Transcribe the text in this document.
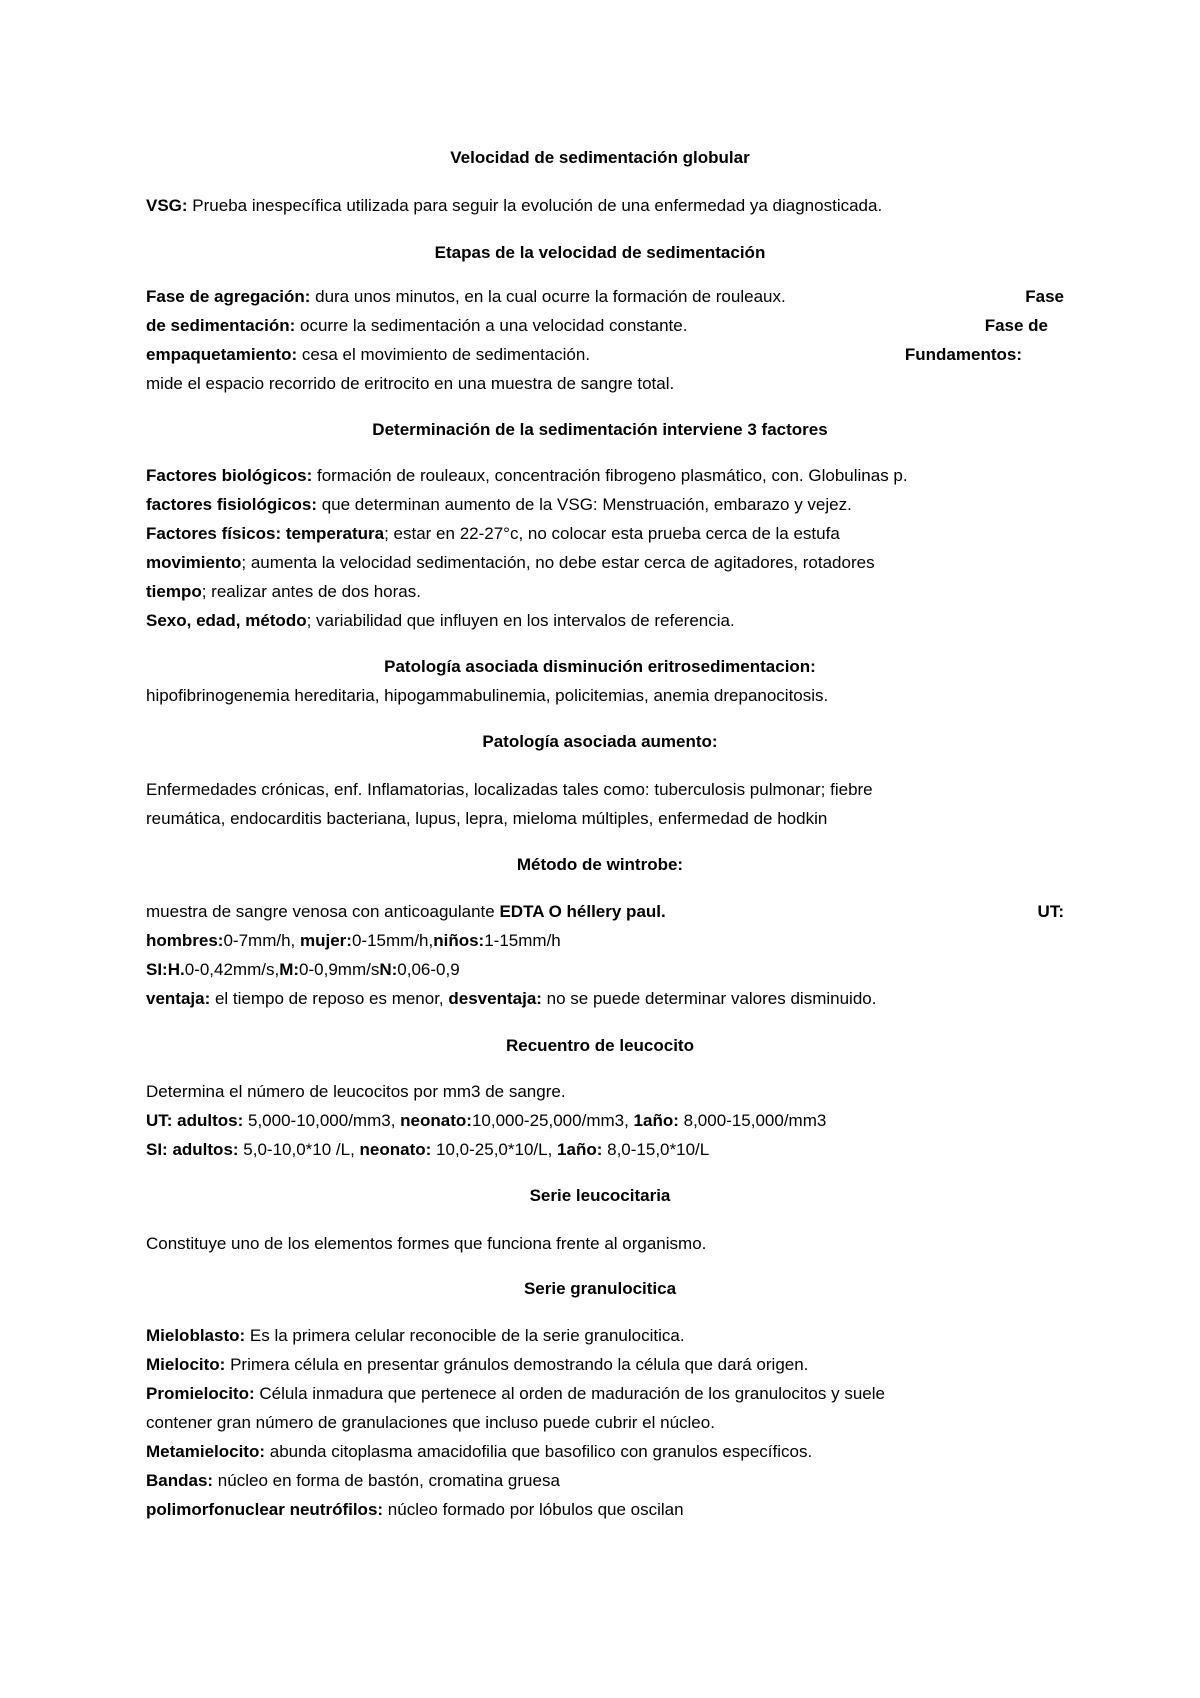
Velocidad de sedimentación globular
VSG: Prueba inespecífica utilizada para seguir la evolución de una enfermedad ya diagnosticada.
Etapas de la velocidad de sedimentación
Fase de agregación: dura unos minutos, en la cual ocurre la formación de rouleaux.	Fase
de sedimentación: ocurre la sedimentación a una velocidad constante.	Fase de
empaquetamiento: cesa el movimiento de sedimentación.	Fundamentos:
mide el espacio recorrido de eritrocito en una muestra de sangre total.
Determinación de la sedimentación interviene 3 factores
Factores biológicos: formación de rouleaux, concentración fibrogeno plasmático, con. Globulinas p.
factores fisiológicos: que determinan aumento de la VSG: Menstruación, embarazo y vejez.
Factores físicos: temperatura; estar en 22-27°c, no colocar esta prueba cerca de la estufa
movimiento; aumenta la velocidad sedimentación, no debe estar cerca de agitadores, rotadores
tiempo; realizar antes de dos horas.
Sexo, edad, método; variabilidad que influyen en los intervalos de referencia.
Patología asociada disminución eritrosedimentacion:
hipofibrinogenemia hereditaria, hipogammabulinemia, policitemias, anemia drepanocitosis.
Patología asociada aumento:
Enfermedades crónicas, enf. Inflamatorias, localizadas tales como: tuberculosis pulmonar; fiebre
reumática, endocarditis bacteriana, lupus, lepra, mieloma múltiples, enfermedad de hodkin
Método de wintrobe:
muestra de sangre venosa con anticoagulante EDTA O héllery paul.	UT:
hombres:0-7mm/h, mujer:0-15mm/h,niños:1-15mm/h
SI:H.0-0,42mm/s,M:0-0,9mm/sN:0,06-0,9
ventaja: el tiempo de reposo es menor, desventaja: no se puede determinar valores disminuido.
Recuentro de leucocito
Determina el número de leucocitos por mm3 de sangre.
UT: adultos: 5,000-10,000/mm3, neonato:10,000-25,000/mm3, 1año: 8,000-15,000/mm3
SI: adultos: 5,0-10,0*10 /L, neonato: 10,0-25,0*10/L, 1año: 8,0-15,0*10/L
Serie leucocitaria
Constituye uno de los elementos formes que funciona frente al organismo.
Serie granulocitica
Mieloblasto: Es la primera celular reconocible de la serie granulocitica.
Mielocito: Primera célula en presentar gránulos demostrando la célula que dará origen.
Promielocito: Célula inmadura que pertenece al orden de maduración de los granulocitos y suele
contener gran número de granulaciones que incluso puede cubrir el núcleo.
Metamielocito: abunda citoplasma amacidofilia que basofilico con granulos específicos.
Bandas: núcleo en forma de bastón, cromatina gruesa
polimorfonuclear neutrófilos: núcleo formado por lóbulos que oscilan
